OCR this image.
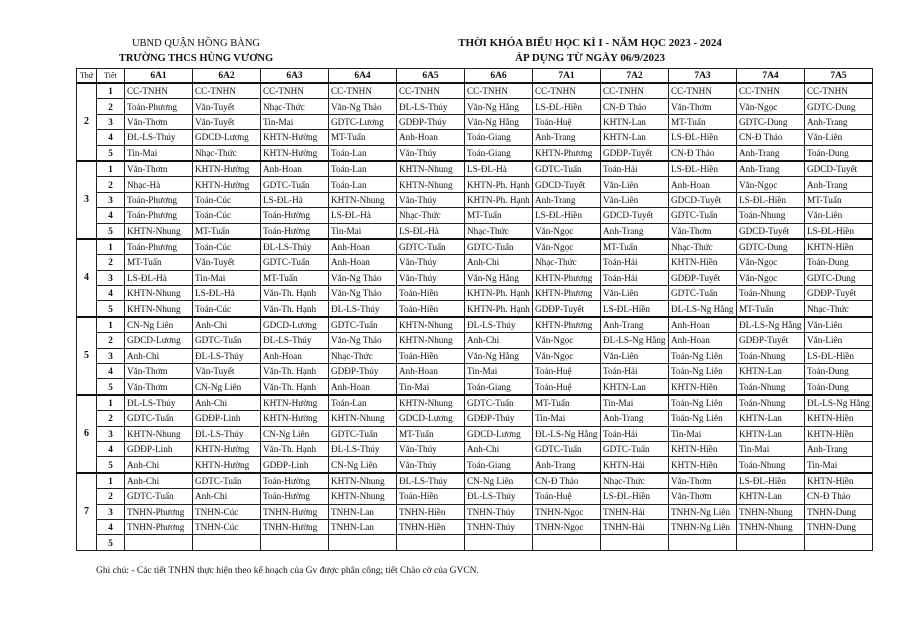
UBND QUẬN HỒNG BÀNG
TRƯỜNG THCS HÙNG VƯƠNG
THỜI KHÓA BIỂU HỌC KÌ I - NĂM HỌC 2023 - 2024
ÁP DỤNG TỪ NGÀY 06/9/2023
Thứ	Tiết	6A1	6A2	6A3	6A4	6A5	6A6	7A1	7A2	7A3	7A4	7A5
2	1	CC-TNHN	CC-TNHN	CC-TNHN	CC-TNHN	CC-TNHN	CC-TNHN	CC-TNHN	CC-TNHN	CC-TNHN	CC-TNHN	CC-TNHN
	2	Toán-Phương	Văn-Tuyết	Nhạc-Thức	Văn-Ng Thảo	ĐL-LS-Thúy	Văn-Ng Hằng	LS-ĐL-Hiền	CN-Đ Thảo	Văn-Thơm	Văn-Ngọc	GDTC-Dung
	3	Văn-Thơm	Văn-Tuyết	Tin-Mai	GDTC-Lương	GDĐP-Thúy	Văn-Ng Hằng	Toán-Huệ	KHTN-Lan	MT-Tuấn	GDTC-Dung	Anh-Trang
	4	ĐL-LS-Thúy	GDCD-Lương	KHTN-Hường	MT-Tuấn	Anh-Hoan	Toán-Giang	Anh-Trang	KHTN-Lan	LS-ĐL-Hiền	CN-Đ Thảo	Văn-Liên
	5	Tin-Mai	Nhạc-Thức	KHTN-Hường	Toán-Lan	Văn-Thúy	Toán-Giang	KHTN-Phương	GDĐP-Tuyết	CN-Đ Thảo	Anh-Trang	Toán-Dung
3	1	Văn-Thơm	KHTN-Hường	Anh-Hoan	Toán-Lan	KHTN-Nhung	LS-ĐL-Hà	GDTC-Tuấn	Toán-Hải	LS-ĐL-Hiền	Anh-Trang	GDCD-Tuyết
	2	Nhạc-Hà	KHTN-Hường	GDTC-Tuấn	Toán-Lan	KHTN-Nhung	KHTN-Ph. Hạnh	GDCD-Tuyết	Văn-Liên	Anh-Hoan	Văn-Ngọc	Anh-Trang
	3	Toán-Phương	Toán-Cúc	LS-ĐL-Hà	KHTN-Nhung	Văn-Thúy	KHTN-Ph. Hạnh	Anh-Trang	Văn-Liên	GDCD-Tuyết	LS-ĐL-Hiền	MT-Tuấn
	4	Toán-Phương	Toán-Cúc	Toán-Hường	LS-ĐL-Hà	Nhạc-Thức	MT-Tuấn	LS-ĐL-Hiền	GDCD-Tuyết	GDTC-Tuấn	Toán-Nhung	Văn-Liên
	5	KHTN-Nhung	MT-Tuấn	Toán-Hường	Tin-Mai	LS-ĐL-Hà	Nhạc-Thức	Văn-Ngọc	Anh-Trang	Văn-Thơm	GDCD-Tuyết	LS-ĐL-Hiền
4	1	Toán-Phương	Toán-Cúc	ĐL-LS-Thúy	Anh-Hoan	GDTC-Tuấn	GDTC-Tuấn	Văn-Ngọc	MT-Tuấn	Nhạc-Thức	GDTC-Dung	KHTN-Hiền
	2	MT-Tuấn	Văn-Tuyết	GDTC-Tuấn	Anh-Hoan	Văn-Thúy	Anh-Chi	Nhạc-Thức	Toán-Hải	KHTN-Hiền	Văn-Ngọc	Toán-Dung
	3	LS-ĐL-Hà	Tin-Mai	MT-Tuấn	Văn-Ng Thảo	Văn-Thúy	Văn-Ng Hằng	KHTN-Phương	Toán-Hải	GDĐP-Tuyết	Văn-Ngọc	GDTC-Dung
	4	KHTN-Nhung	LS-ĐL-Hà	Văn-Th. Hạnh	Văn-Ng Thảo	Toán-Hiền	KHTN-Ph. Hạnh	KHTN-Phương	Văn-Liên	GDTC-Tuấn	Toán-Nhung	GDĐP-Tuyết
	5	KHTN-Nhung	Toán-Cúc	Văn-Th. Hạnh	ĐL-LS-Thúy	Toán-Hiền	KHTN-Ph. Hạnh	GDĐP-Tuyết	LS-ĐL-Hiền	ĐL-LS-Ng Hằng	MT-Tuấn	Nhạc-Thức
5	1	CN-Ng Liên	Anh-Chi	GDCD-Lương	GDTC-Tuấn	KHTN-Nhung	ĐL-LS-Thúy	KHTN-Phương	Anh-Trang	Anh-Hoan	ĐL-LS-Ng Hằng	Văn-Liên
	2	GDCD-Lương	GDTC-Tuấn	ĐL-LS-Thúy	Văn-Ng Thảo	KHTN-Nhung	Anh-Chi	Văn-Ngọc	ĐL-LS-Ng Hằng	Anh-Hoan	GDĐP-Tuyết	Văn-Liên
	3	Anh-Chi	ĐL-LS-Thúy	Anh-Hoan	Nhạc-Thức	Toán-Hiền	Văn-Ng Hằng	Văn-Ngọc	Văn-Liên	Toán-Ng Liên	Toán-Nhung	LS-ĐL-Hiền
	4	Văn-Thơm	Văn-Tuyết	Văn-Th. Hạnh	GDĐP-Thúy	Anh-Hoan	Tin-Mai	Toán-Huệ	Toán-Hải	Toán-Ng Liên	KHTN-Lan	Toán-Dung
	5	Văn-Thơm	CN-Ng Liên	Văn-Th. Hạnh	Anh-Hoan	Tin-Mai	Toán-Giang	Toán-Huệ	KHTN-Lan	KHTN-Hiền	Toán-Nhung	Toán-Dung
6	1	ĐL-LS-Thúy	Anh-Chi	KHTN-Hường	Toán-Lan	KHTN-Nhung	GDTC-Tuấn	MT-Tuấn	Tin-Mai	Toán-Ng Liên	Toán-Nhung	ĐL-LS-Ng Hằng
	2	GDTC-Tuấn	GDĐP-Linh	KHTN-Hường	KHTN-Nhung	GDCD-Lương	GDĐP-Thúy	Tin-Mai	Anh-Trang	Toán-Ng Liên	KHTN-Lan	KHTN-Hiền
	3	KHTN-Nhung	ĐL-LS-Thúy	CN-Ng Liên	GDTC-Tuấn	MT-Tuấn	GDCD-Lương	ĐL-LS-Ng Hằng	Toán-Hải	Tin-Mai	KHTN-Lan	KHTN-Hiền
	4	GDĐP-Linh	KHTN-Hường	Văn-Th. Hạnh	ĐL-LS-Thúy	Văn-Thúy	Anh-Chi	GDTC-Tuấn	GDTC-Tuấn	KHTN-Hiền	Tin-Mai	Anh-Trang
	5	Anh-Chi	KHTN-Hường	GDĐP-Linh	CN-Ng Liên	Văn-Thúy	Toán-Giang	Anh-Trang	KHTN-Hải	KHTN-Hiền	Toán-Nhung	Tin-Mai
7	1	Anh-Chi	GDTC-Tuấn	Toán-Hường	KHTN-Nhung	ĐL-LS-Thúy	CN-Ng Liên	CN-Đ Thảo	Nhạc-Thức	Văn-Thơm	LS-ĐL-Hiền	KHTN-Hiền
	2	GDTC-Tuấn	Anh-Chi	Toán-Hường	KHTN-Nhung	Toán-Hiền	ĐL-LS-Thúy	Toán-Huệ	LS-ĐL-Hiền	Văn-Thơm	KHTN-Lan	CN-Đ Thảo
	3	TNHN-Phương	TNHN-Cúc	TNHN-Hường	TNHN-Lan	TNHN-Hiền	TNHN-Thúy	TNHN-Ngọc	TNHN-Hải	TNHN-Ng Liên	TNHN-Nhung	TNHN-Dung
	4	TNHN-Phương	TNHN-Cúc	TNHN-Hường	TNHN-Lan	TNHN-Hiền	TNHN-Thúy	TNHN-Ngọc	TNHN-Hải	TNHN-Ng Liên	TNHN-Nhung	TNHN-Dung
	5											
Ghi chú: - Các tiết TNHN thực hiện theo kế hoạch của Gv được phân công; tiết Chào cờ của GVCN.
